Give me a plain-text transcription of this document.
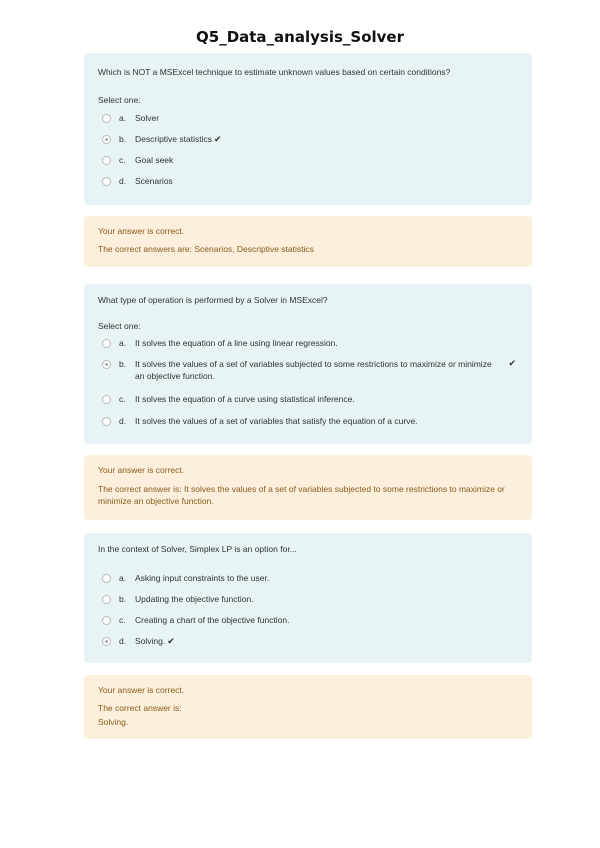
Q5_Data_analysis_Solver
Which is NOT a MSExcel technique to estimate unknown values based on certain conditions?
Select one:
a.	Solver
b.	Descriptive statistics ✔
c.	Goal seek
d.	Scenarios
Your answer is correct.
The correct answers are: Scenarios, Descriptive statistics
What type of operation is performed by a Solver in MSExcel?
Select one:
a.	It solves the equation of a line using linear regression.
b.	It solves the values of a set of variables subjected to some restrictions to maximize or minimize an objective function.
✔
c.	It solves the equation of a curve using statistical inference.
d.	It solves the values of a set of variables that satisfy the equation of a curve.
Your answer is correct.
The correct answer is: It solves the values of a set of variables subjected to some restrictions to maximize or minimize an objective function.
In the context of Solver, Simplex LP is an option for...
a.	Asking input constraints to the user.
b.	Updating the objective function.
c.	Creating a chart of the objective function.
d.	Solving. ✔
Your answer is correct.
The correct answer is:
Solving.
